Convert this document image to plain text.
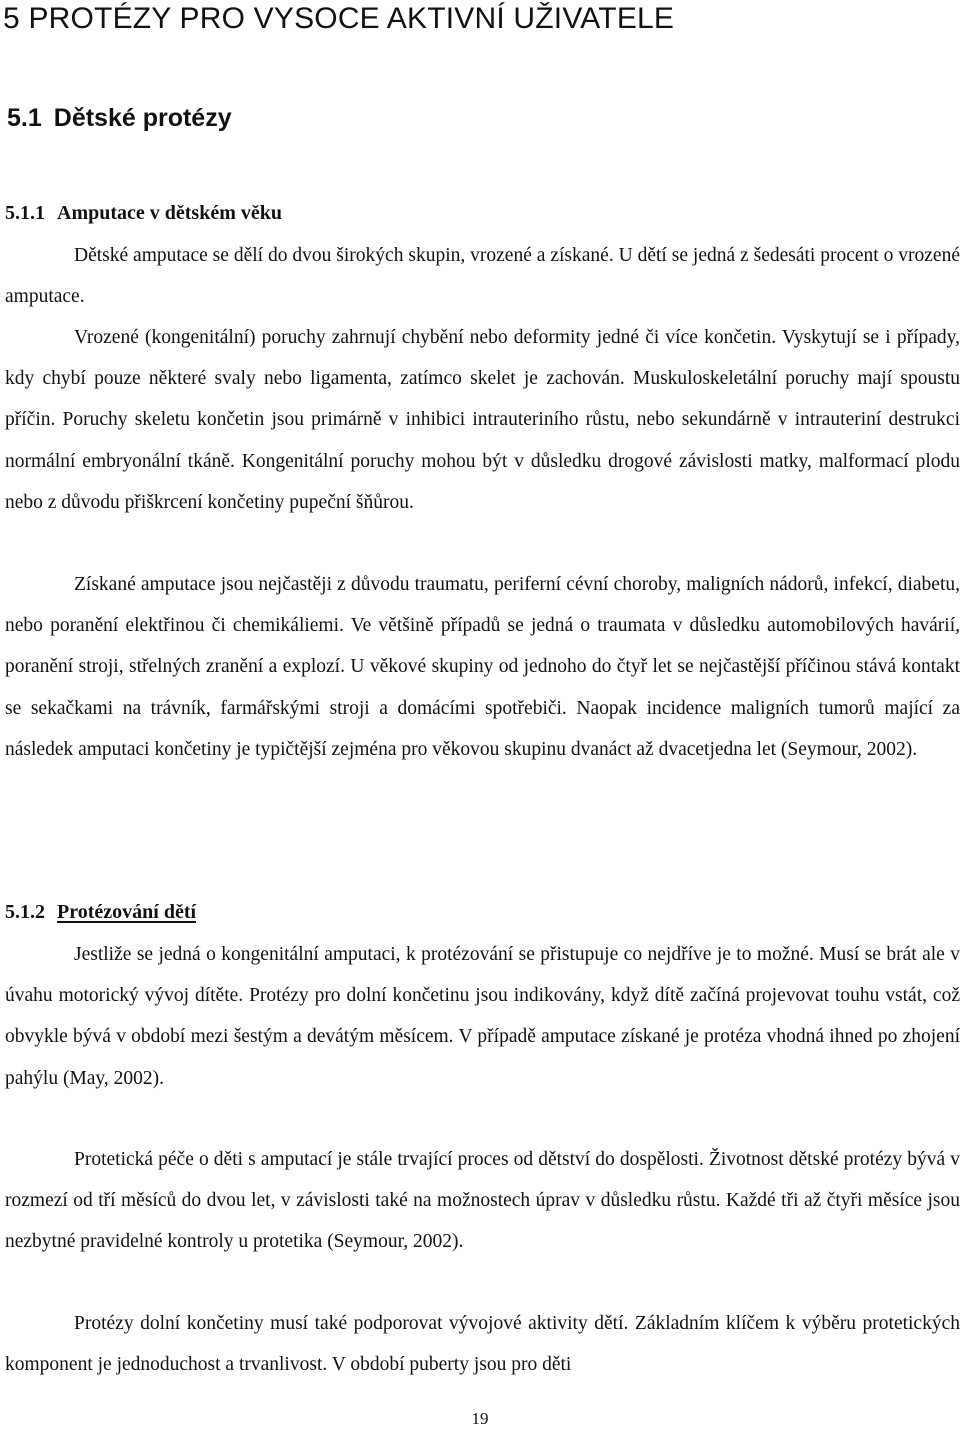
5 PROTÉZY PRO VYSOCE AKTIVNÍ UŽIVATELE
5.1 Dětské protézy
5.1.1 Amputace v dětském věku

Dětské amputace se dělí do dvou širokých skupin, vrozené a získané. U dětí se jedná z šedesáti procent o vrozené amputace.

Vrozené (kongenitální) poruchy zahrnují chybění nebo deformity jedné či více končetin. Vyskytují se i případy, kdy chybí pouze některé svaly nebo ligamenta, zatímco skelet je zachován. Muskuloskeletální poruchy mají spoustu příčin. Poruchy skeletu končetin jsou primárně v inhibici intrauteriního růstu, nebo sekundárně v intrauteriní destrukci normální embryonální tkáně. Kongenitální poruchy mohou být v důsledku drogové závislosti matky, malformací plodu nebo z důvodu přiškrcení končetiny pupeční šňůrou.

Získané amputace jsou nejčastěji z důvodu traumatu, periferní cévní choroby, maligních nádorů, infekcí, diabetu, nebo poranění elektřinou či chemikáliemi. Ve většině případů se jedná o traumata v důsledku automobilových havárií, poranění stroji, střelných zranění a explozí. U věkové skupiny od jednoho do čtyř let se nejčastější příčinou stává kontakt se sekačkami na trávník, farmářskými stroji a domácími spotřebiči. Naopak incidence maligních tumorů mající za následek amputaci končetiny je typičtější zejména pro věkovou skupinu dvanáct až dvacetjedna let (Seymour, 2002).

5.1.2 Protézování dětí

Jestliže se jedná o kongenitální amputaci, k protézování se přistupuje co nejdříve je to možné. Musí se brát ale v úvahu motorický vývoj dítěte. Protézy pro dolní končetinu jsou indikovány, když dítě začíná projevovat touhu vstát, což obvykle bývá v období mezi šestým a devátým měsícem. V případě amputace získané je protéza vhodná ihned po zhojení pahýlu (May, 2002).

Protetická péče o děti s amputací je stále trvající proces od dětství do dospělosti. Životnost dětské protézy bývá v rozmezí od tří měsíců do dvou let, v závislosti také na možnostech úprav v důsledku růstu. Každé tři až čtyři měsíce jsou nezbytné pravidelné kontroly u protetika (Seymour, 2002).

Protézy dolní končetiny musí také podporovat vývojové aktivity dětí. Základním klíčem k výběru protetických komponent je jednoduchost a trvanlivost. V období puberty jsou pro děti

19
